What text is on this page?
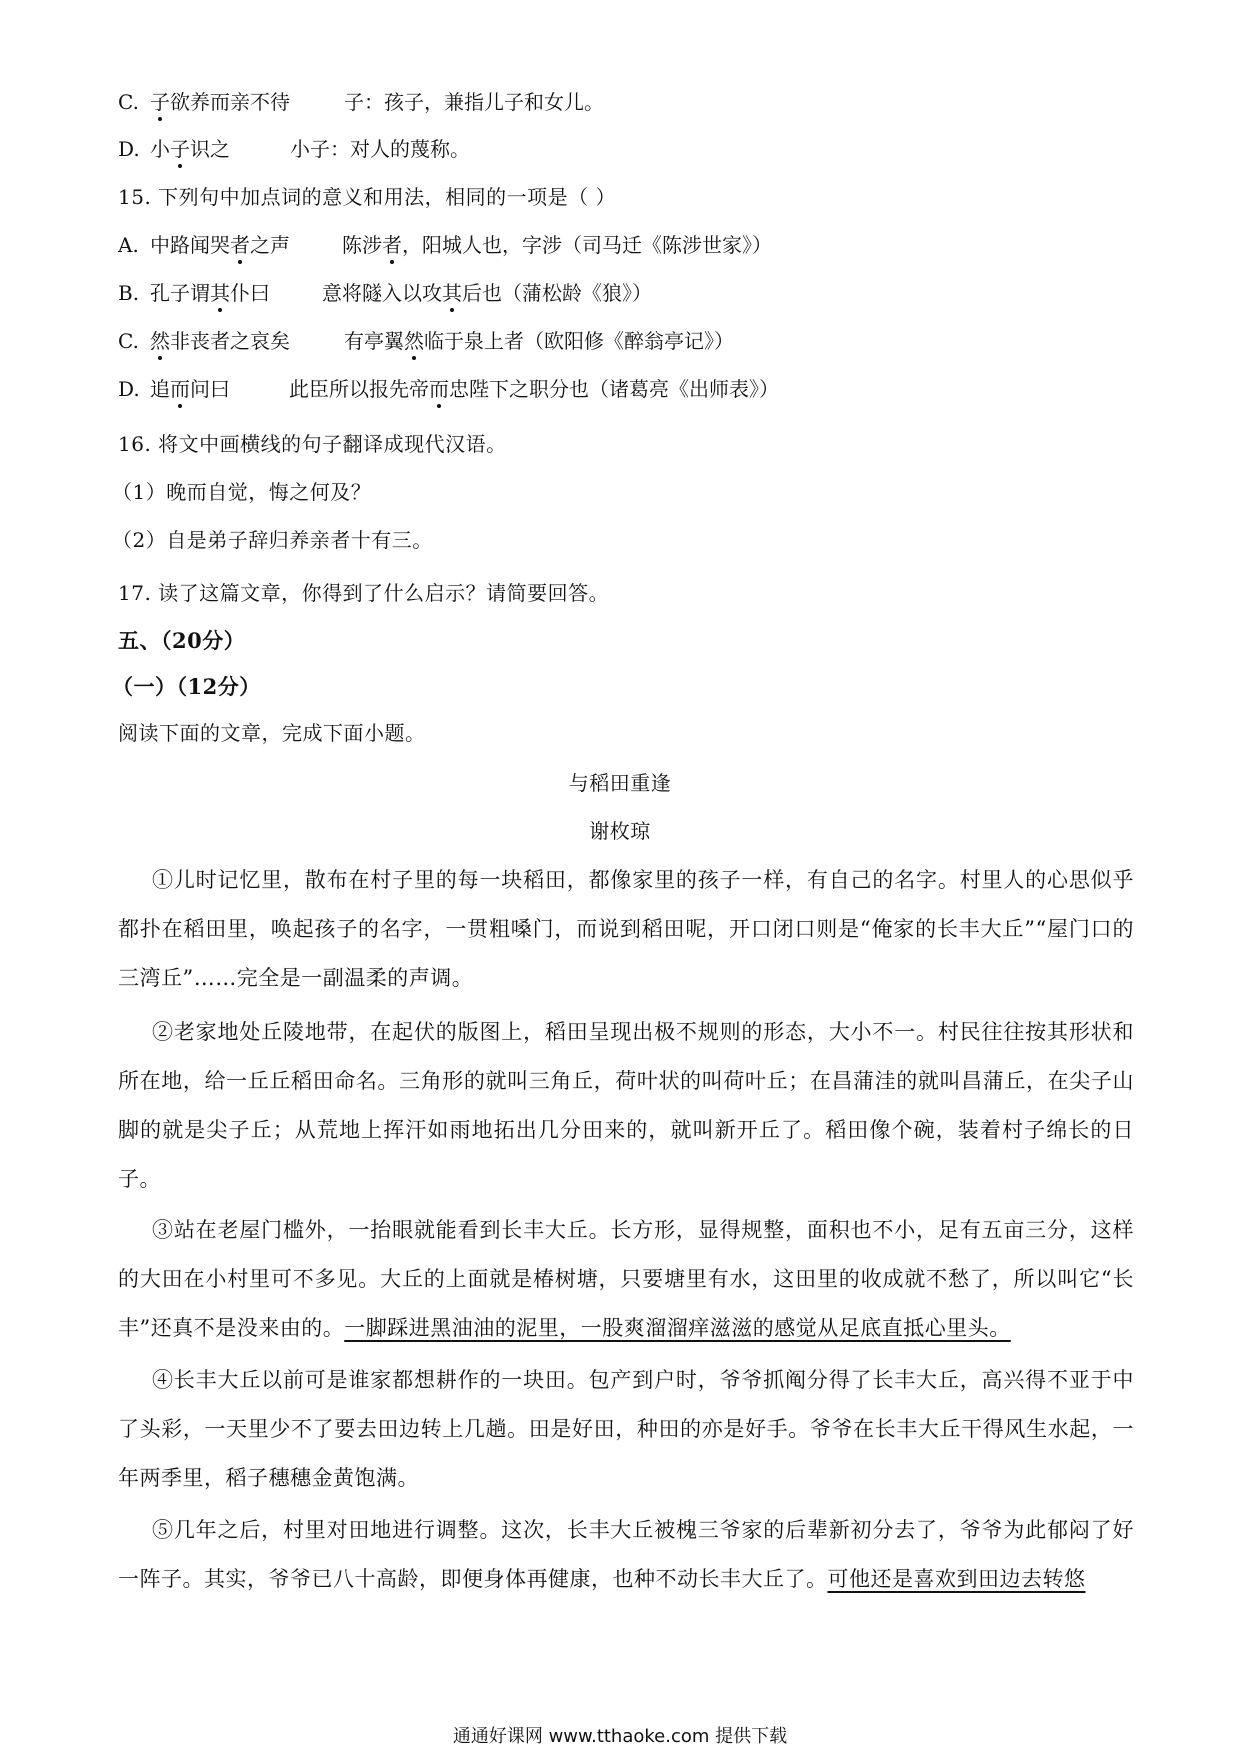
C. 子欲养而亲不待	子：孩子，兼指儿子和女儿。
D. 小子识之	小子：对人的蔑称。
15. 下列句中加点词的意义和用法，相同的一项是（ ）
A. 中路闻哭者之声	陈涉者，阳城人也，字涉（司马迁《陈涉世家》）
B. 孔子谓其仆曰	意将隧入以攻其后也（蒲松龄《狼》）
C. 然非丧者之哀矣	有亭翼然临于泉上者（欧阳修《醉翁亭记》）
D. 追而问曰	此臣所以报先帝而忠陛下之职分也（诸葛亮《出师表》）
16. 将文中画横线的句子翻译成现代汉语。
（1）晚而自觉，悔之何及？
（2）自是弟子辞归养亲者十有三。
17. 读了这篇文章，你得到了什么启示？请简要回答。
五、（20分）
（一）（12分）
阅读下面的文章，完成下面小题。
与稻田重逢
谢枚琼

①儿时记忆里，散布在村子里的每一块稻田，都像家里的孩子一样，有自己的名字。村里人的心思似乎都扑在稻田里，唤起孩子的名字，一贯粗嗓门，而说到稻田呢，开口闭口则是“俺家的长丰大丘”“屋门口的三湾丘”……完全是一副温柔的声调。

②老家地处丘陵地带，在起伏的版图上，稻田呈现出极不规则的形态，大小不一。村民往往按其形状和所在地，给一丘丘稻田命名。三角形的就叫三角丘，荷叶状的叫荷叶丘；在昌蒲洼的就叫昌蒲丘，在尖子山脚的就是尖子丘；从荒地上挥汗如雨地拓出几分田来的，就叫新开丘了。稻田像个碗，装着村子绵长的日子。

③站在老屋门槛外，一抬眼就能看到长丰大丘。长方形，显得规整，面积也不小，足有五亩三分，这样的大田在小村里可不多见。大丘的上面就是椿树塘，只要塘里有水，这田里的收成就不愁了，所以叫它“长丰”还真不是没来由的。一脚踩进黑油油的泥里，一股爽溜溜痒滋滋的感觉从足底直抵心里头。

④长丰大丘以前可是谁家都想耕作的一块田。包产到户时，爷爷抓阄分得了长丰大丘，高兴得不亚于中了头彩，一天里少不了要去田边转上几趟。田是好田，种田的亦是好手。爷爷在长丰大丘干得风生水起，一年两季里，稻子穗穗金黄饱满。

⑤几年之后，村里对田地进行调整。这次，长丰大丘被槐三爷家的后辈新初分去了，爷爷为此郁闷了好一阵子。其实，爷爷已八十高龄，即便身体再健康，也种不动长丰大丘了。可他还是喜欢到田边去转悠

通通好课网 www.tthaoke.com 提供下载
